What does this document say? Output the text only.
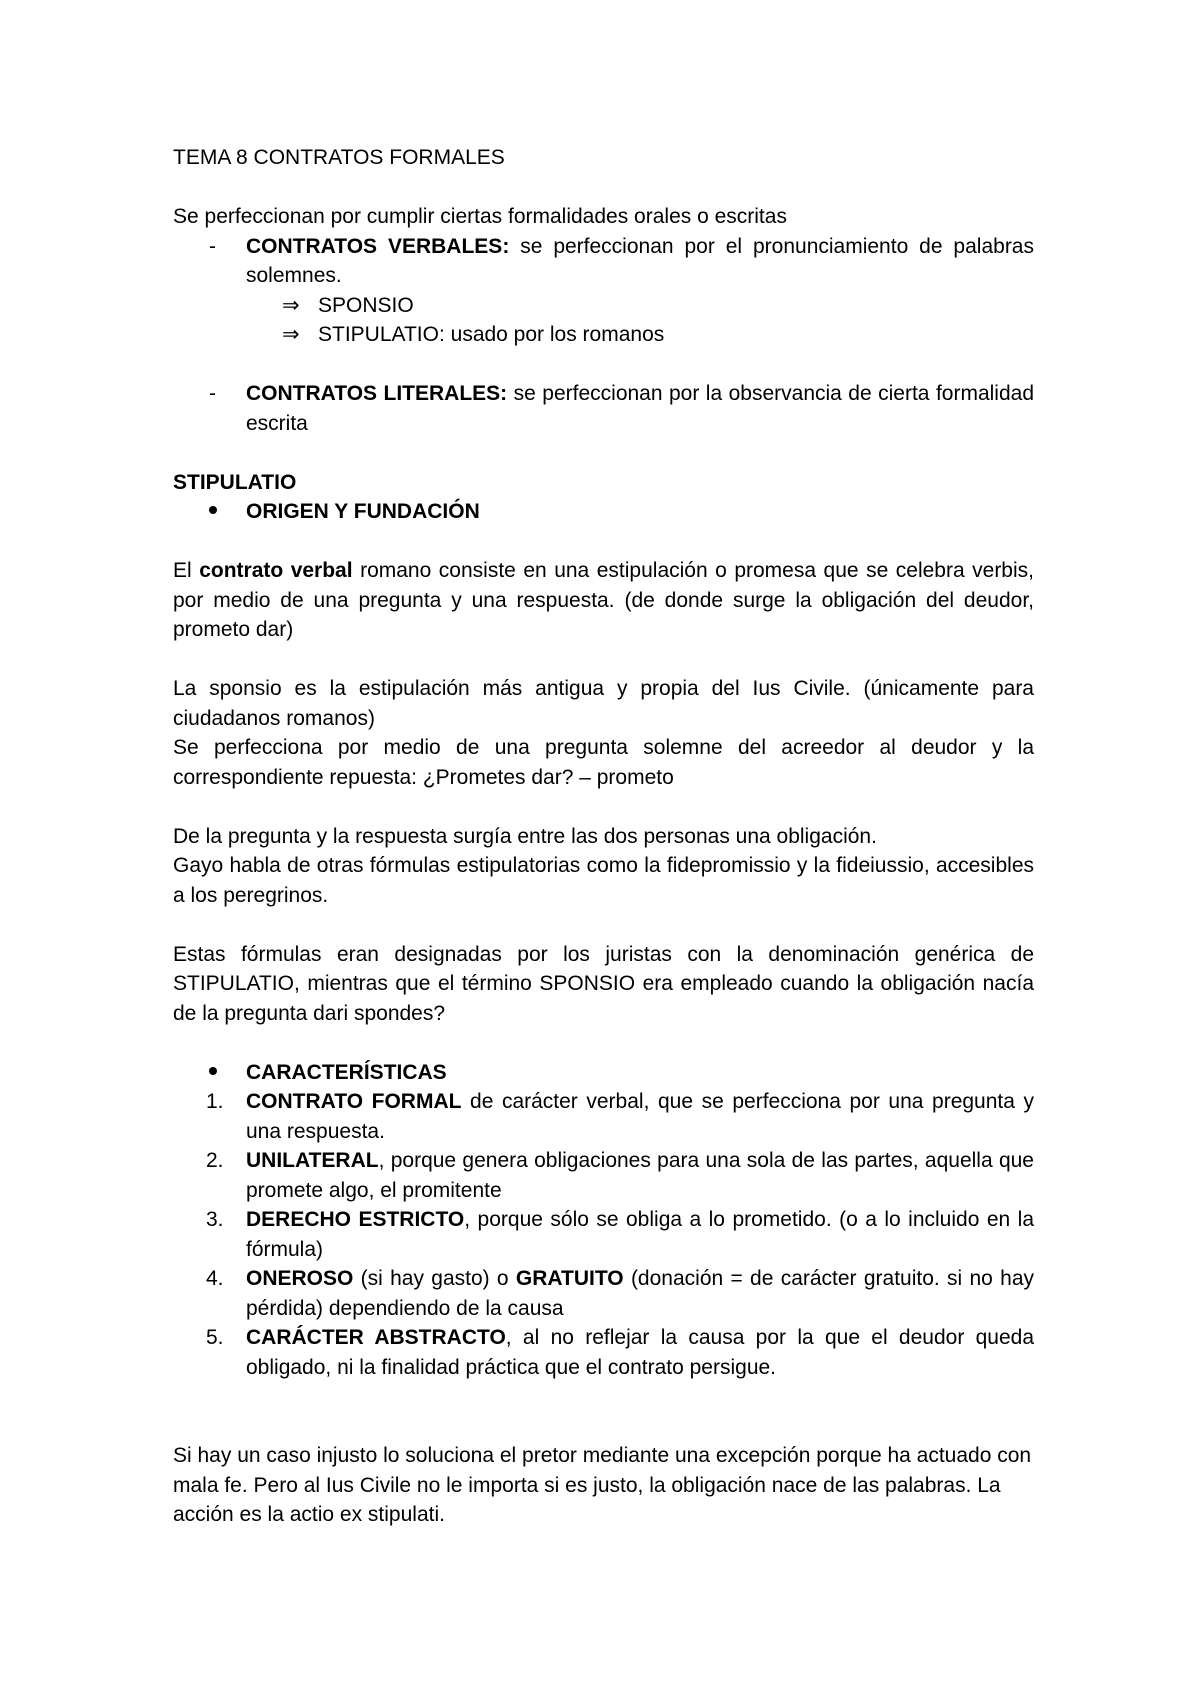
TEMA 8 CONTRATOS FORMALES

Se perfeccionan por cumplir ciertas formalidades orales o escritas

-	CONTRATOS VERBALES: se perfeccionan por el pronunciamiento de palabras solemnes.
⇒ SPONSIO
⇒ STIPULATIO: usado por los romanos
-	CONTRATOS LITERALES: se perfeccionan por la observancia de cierta formalidad escrita

STIPULATIO

ORIGEN Y FUNDACIÓN

El contrato verbal romano consiste en una estipulación o promesa que se celebra verbis, por medio de una pregunta y una respuesta. (de donde surge la obligación del deudor, prometo dar)

La sponsio es la estipulación más antigua y propia del Ius Civile. (únicamente para ciudadanos romanos)

Se perfecciona por medio de una pregunta solemne del acreedor al deudor y la correspondiente repuesta: ¿Prometes dar? – prometo

De la pregunta y la respuesta surgía entre las dos personas una obligación.

Gayo habla de otras fórmulas estipulatorias como la fidepromissio y la fideiussio, accesibles a los peregrinos.

Estas fórmulas eran designadas por los juristas con la denominación genérica de STIPULATIO, mientras que el término SPONSIO era empleado cuando la obligación nacía de la pregunta dari spondes?

CARACTERÍSTICAS
1.	CONTRATO FORMAL de carácter verbal, que se perfecciona por una pregunta y una respuesta.
2.	UNILATERAL, porque genera obligaciones para una sola de las partes, aquella que promete algo, el promitente
3.	DERECHO ESTRICTO, porque sólo se obliga a lo prometido. (o a lo incluido en la fórmula)
4.	ONEROSO (si hay gasto) o GRATUITO (donación = de carácter gratuito. si no hay pérdida) dependiendo de la causa
5.	CARÁCTER ABSTRACTO, al no reflejar la causa por la que el deudor queda obligado, ni la finalidad práctica que el contrato persigue.

Si hay un caso injusto lo soluciona el pretor mediante una excepción porque ha actuado con mala fe. Pero al Ius Civile no le importa si es justo, la obligación nace de las palabras. La acción es la actio ex stipulati.
